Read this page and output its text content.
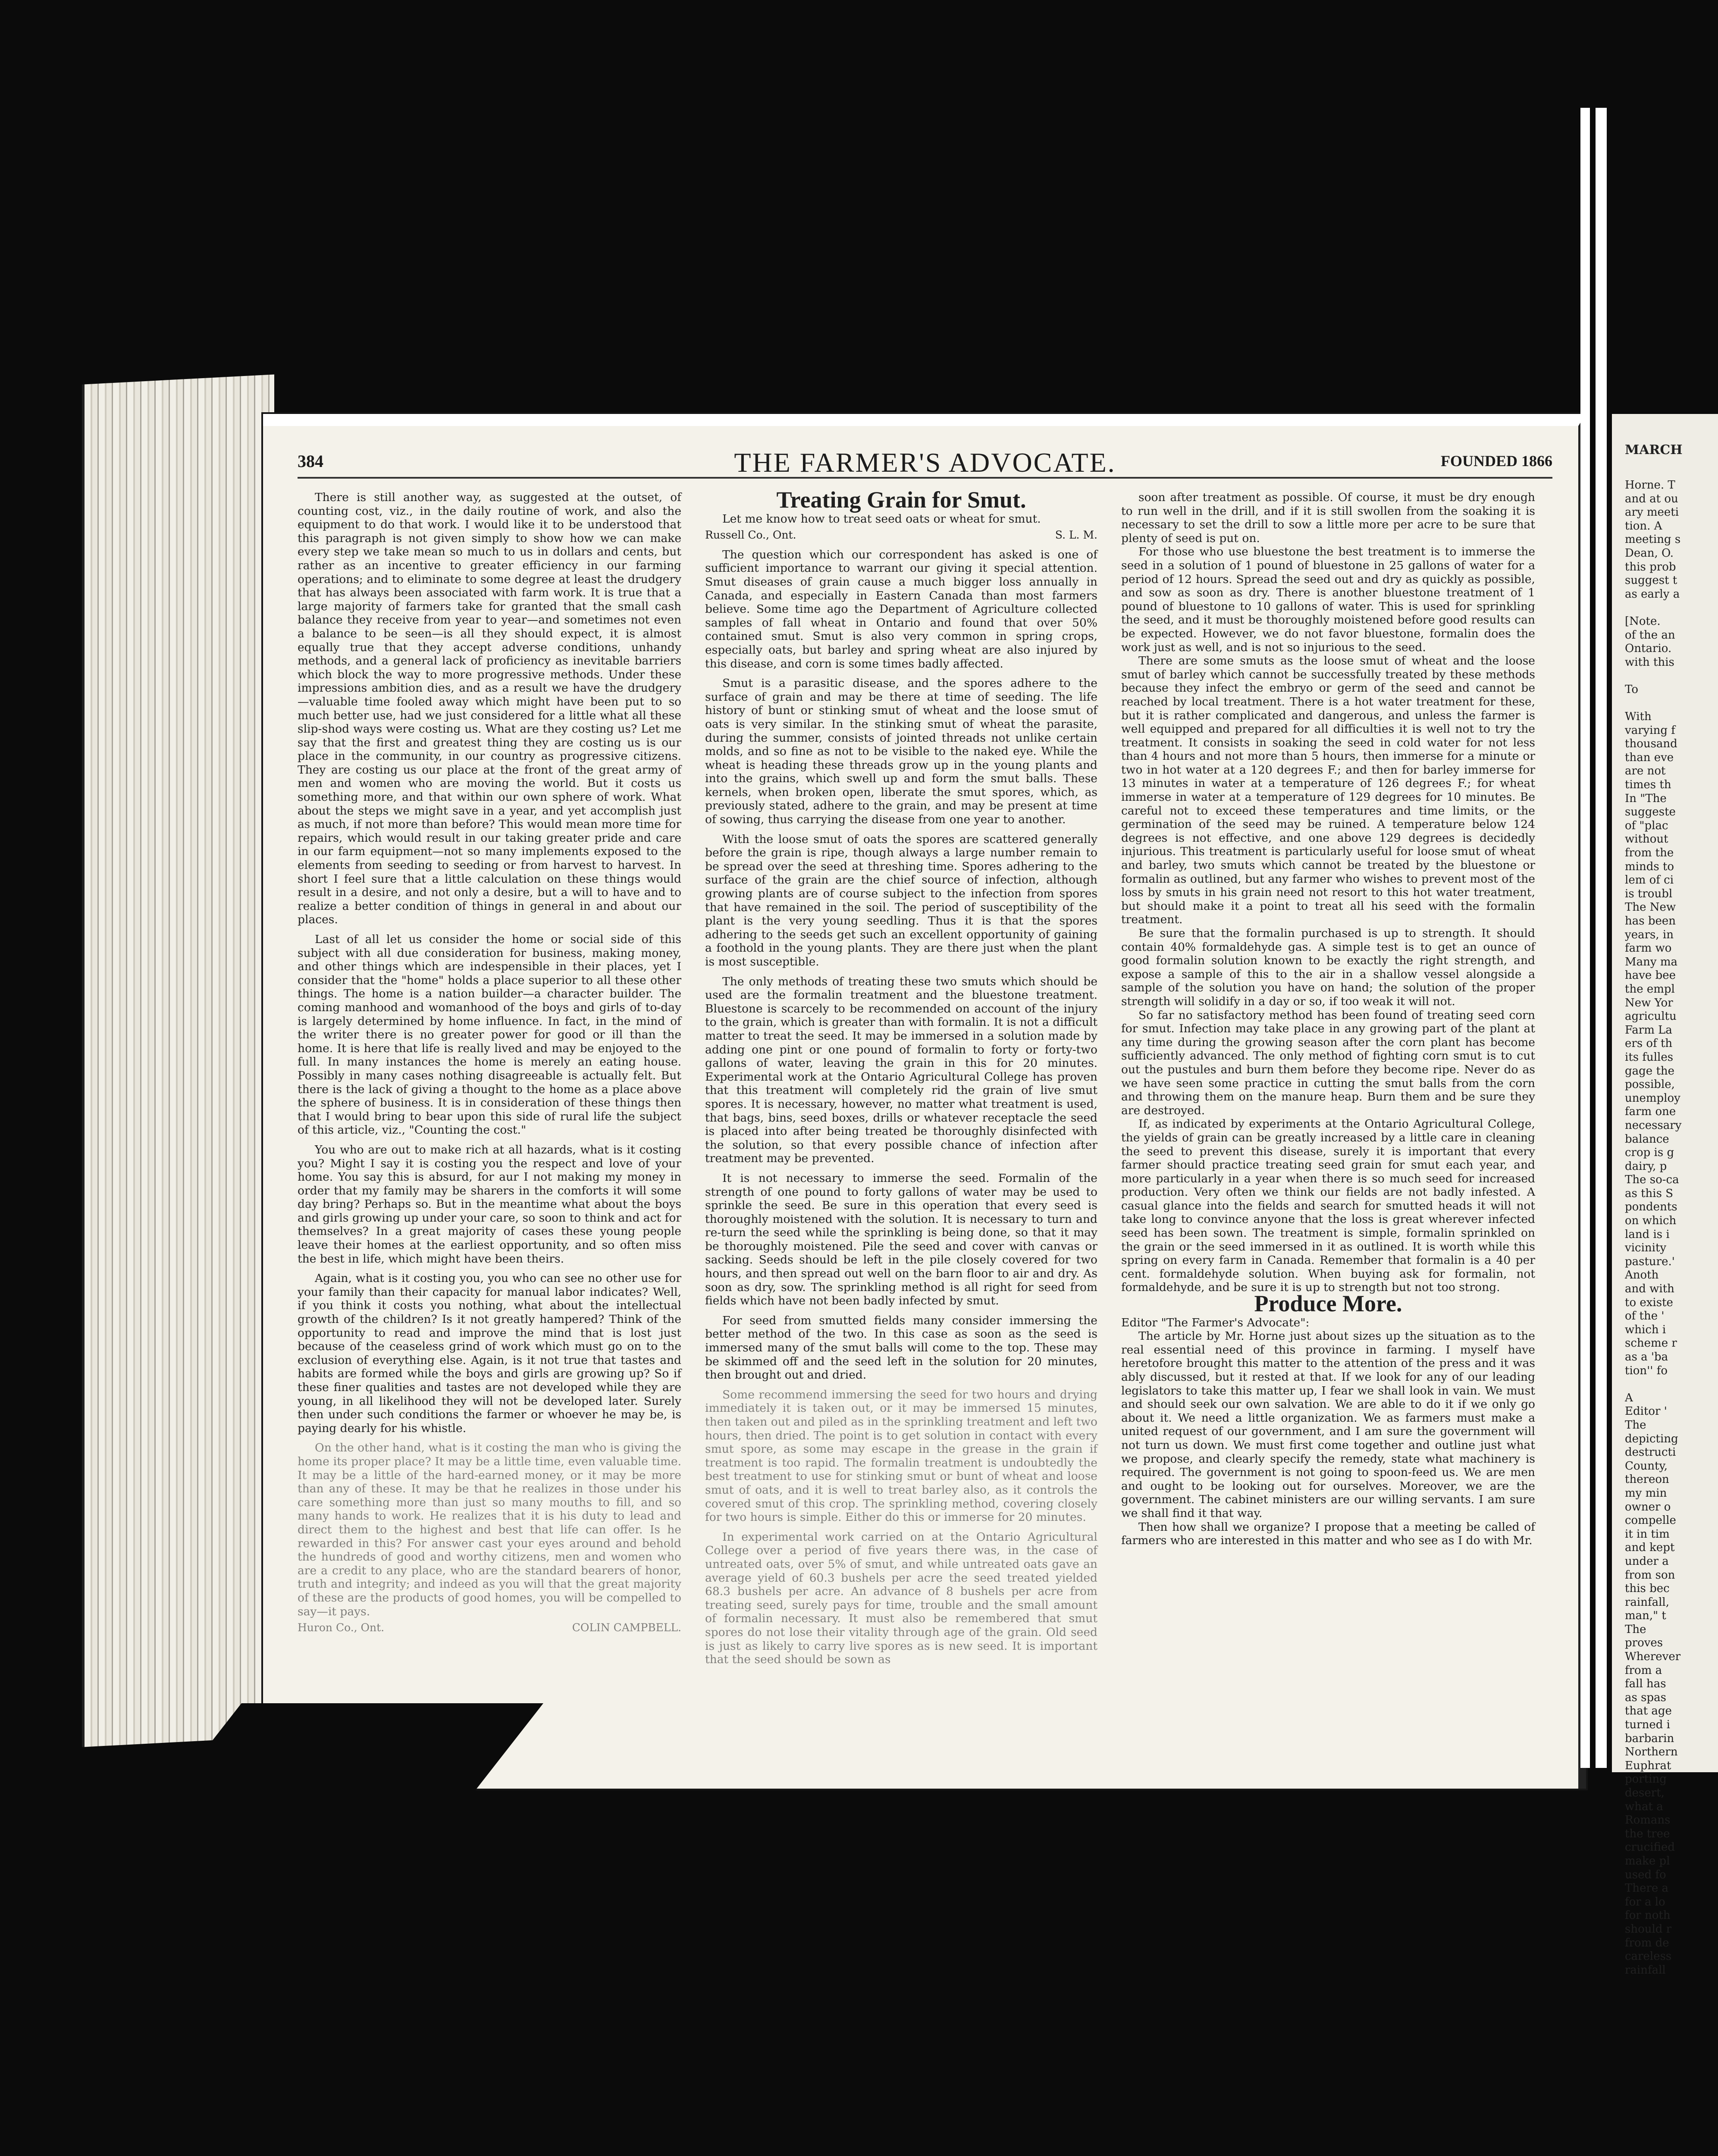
384	THE FARMER'S ADVOCATE.	FOUNDED 1866

There is still another way, as suggested at the outset, of counting cost, viz., in the daily routine of work, and also the equipment to do that work. I would like it to be understood that this paragraph is not given simply to show how we can make every step we take mean so much to us in dollars and cents, but rather as an incentive to greater efficiency in our farming operations; and to eliminate to some degree at least the drudgery that has always been associated with farm work. It is true that a large majority of farmers take for granted that the small cash balance they receive from year to year—and sometimes not even a balance to be seen—is all they should expect, it is almost equally true that they accept adverse conditions, unhandy methods, and a general lack of proficiency as inevitable barriers which block the way to more progressive methods. Under these impressions ambition dies, and as a result we have the drudgery—valuable time fooled away which might have been put to so much better use, had we just considered for a little what all these slip-shod ways were costing us. What are they costing us? Let me say that the first and greatest thing they are costing us is our place in the community, in our country as progressive citizens. They are costing us our place at the front of the great army of men and women who are moving the world. But it costs us something more, and that within our own sphere of work. What about the steps we might save in a year, and yet accomplish just as much, if not more than before? This would mean more time for repairs, which would result in our taking greater pride and care in our farm equipment—not so many implements exposed to the elements from seeding to seeding or from harvest to harvest. In short I feel sure that a little calculation on these things would result in a desire, and not only a desire, but a will to have and to realize a better condition of things in general in and about our places.

Last of all let us consider the home or social side of this subject with all due consideration for business, making money, and other things which are indespensible in their places, yet I consider that the "home" holds a place superior to all these other things. The home is a nation builder—a character builder. The coming manhood and womanhood of the boys and girls of to-day is largely determined by home influence. In fact, in the mind of the writer there is no greater power for good or ill than the home. It is here that life is really lived and may be enjoyed to the full. In many instances the home is merely an eating house. Possibly in many cases nothing disagreeable is actually felt. But there is the lack of giving a thought to the home as a place above the sphere of business. It is in consideration of these things then that I would bring to bear upon this side of rural life the subject of this article, viz., "Counting the cost."

You who are out to make rich at all hazards, what is it costing you? Might I say it is costing you the respect and love of your home. You say this is absurd, for aur I not making my money in order that my family may be sharers in the comforts it will some day bring? Perhaps so. But in the meantime what about the boys and girls growing up under your care, so soon to think and act for themselves? In a great majority of cases these young people leave their homes at the earliest opportunity, and so often miss the best in life, which might have been theirs.

Again, what is it costing you, you who can see no other use for your family than their capacity for manual labor indicates? Well, if you think it costs you nothing, what about the intellectual growth of the children? Is it not greatly hampered? Think of the opportunity to read and improve the mind that is lost just because of the ceaseless grind of work which must go on to the exclusion of everything else. Again, is it not true that tastes and habits are formed while the boys and girls are growing up? So if these finer qualities and tastes are not developed while they are young, in all likelihood they will not be developed later. Surely then under such conditions the farmer or whoever he may be, is paying dearly for his whistle.

On the other hand, what is it costing the man who is giving the home its proper place? It may be a little time, even valuable time. It may be a little of the hard-earned money, or it may be more than any of these. It may be that he realizes in those under his care something more than just so many mouths to fill, and so many hands to work. He realizes that it is his duty to lead and direct them to the highest and best that life can offer. Is he rewarded in this? For answer cast your eyes around and behold the hundreds of good and worthy citizens, men and women who are a credit to any place, who are the standard bearers of honor, truth and integrity; and indeed as you will that the great majority of these are the products of good homes, you will be compelled to say—it pays.

Huron Co., Ont.	COLIN CAMPBELL.
Treating Grain for Smut.

Let me know how to treat seed oats or wheat for smut.

Russell Co., Ont.	S. L. M.

The question which our correspondent has asked is one of sufficient importance to warrant our giving it special attention. Smut diseases of grain cause a much bigger loss annually in Canada, and especially in Eastern Canada than most farmers believe. Some time ago the Department of Agriculture collected samples of fall wheat in Ontario and found that over 50% contained smut. Smut is also very common in spring crops, especially oats, but barley and spring wheat are also injured by this disease, and corn is some times badly affected.

Smut is a parasitic disease, and the spores adhere to the surface of grain and may be there at time of seeding. The life history of bunt or stinking smut of wheat and the loose smut of oats is very similar. In the stinking smut of wheat the parasite, during the summer, consists of jointed threads not unlike certain molds, and so fine as not to be visible to the naked eye. While the wheat is heading these threads grow up in the young plants and into the grains, which swell up and form the smut balls. These kernels, when broken open, liberate the smut spores, which, as previously stated, adhere to the grain, and may be present at time of sowing, thus carrying the disease from one year to another.

With the loose smut of oats the spores are scattered generally before the grain is ripe, though always a large number remain to be spread over the seed at threshing time. Spores adhering to the surface of the grain are the chief source of infection, although growing plants are of course subject to the infection from spores that have remained in the soil. The period of susceptibility of the plant is the very young seedling. Thus it is that the spores adhering to the seeds get such an excellent opportunity of gaining a foothold in the young plants. They are there just when the plant is most susceptible.

The only methods of treating these two smuts which should be used are the formalin treatment and the bluestone treatment. Bluestone is scarcely to be recommended on account of the injury to the grain, which is greater than with formalin. It is not a difficult matter to treat the seed. It may be immersed in a solution made by adding one pint or one pound of formalin to forty or forty-two gallons of water, leaving the grain in this for 20 minutes. Experimental work at the Ontario Agricultural College has proven that this treatment will completely rid the grain of live smut spores. It is necessary, however, no matter what treatment is used, that bags, bins, seed boxes, drills or whatever receptacle the seed is placed into after being treated be thoroughly disinfected with the solution, so that every possible chance of infection after treatment may be prevented.

It is not necessary to immerse the seed. Formalin of the strength of one pound to forty gallons of water may be used to sprinkle the seed. Be sure in this operation that every seed is thoroughly moistened with the solution. It is necessary to turn and re-turn the seed while the sprinkling is being done, so that it may be thoroughly moistened. Pile the seed and cover with canvas or sacking. Seeds should be left in the pile closely covered for two hours, and then spread out well on the barn floor to air and dry. As soon as dry, sow. The sprinkling method is all right for seed from fields which have not been badly infected by smut.

For seed from smutted fields many consider immersing the better method of the two. In this case as soon as the seed is immersed many of the smut balls will come to the top. These may be skimmed off and the seed left in the solution for 20 minutes, then brought out and dried.

Some recommend immersing the seed for two hours and drying immediately it is taken out, or it may be immersed 15 minutes, then taken out and piled as in the sprinkling treatment and left two hours, then dried. The point is to get solution in contact with every smut spore, as some may escape in the grease in the grain if treatment is too rapid. The formalin treatment is undoubtedly the best treatment to use for stinking smut or bunt of wheat and loose smut of oats, and it is well to treat barley also, as it controls the covered smut of this crop. The sprinkling method, covering closely for two hours is simple. Either do this or immerse for 20 minutes.

In experimental work carried on at the Ontario Agricultural College over a period of five years there was, in the case of untreated oats, over 5% of smut, and while untreated oats gave an average yield of 60.3 bushels per acre the seed treated yielded 68.3 bushels per acre. An advance of 8 bushels per acre from treating seed, surely pays for time, trouble and the small amount of formalin necessary. It must also be remembered that smut spores do not lose their vitality through age of the grain. Old seed is just as likely to carry live spores as is new seed. It is important that the seed should be sown as

soon after treatment as possible. Of course, it must be dry enough to run well in the drill, and if it is still swollen from the soaking it is necessary to set the drill to sow a little more per acre to be sure that plenty of seed is put on.

For those who use bluestone the best treatment is to immerse the seed in a solution of 1 pound of bluestone in 25 gallons of water for a period of 12 hours. Spread the seed out and dry as quickly as possible, and sow as soon as dry. There is another bluestone treatment of 1 pound of bluestone to 10 gallons of water. This is used for sprinkling the seed, and it must be thoroughly moistened before good results can be expected. However, we do not favor bluestone, formalin does the work just as well, and is not so injurious to the seed.

There are some smuts as the loose smut of wheat and the loose smut of barley which cannot be successfully treated by these methods because they infect the embryo or germ of the seed and cannot be reached by local treatment. There is a hot water treatment for these, but it is rather complicated and dangerous, and unless the farmer is well equipped and prepared for all difficulties it is well not to try the treatment. It consists in soaking the seed in cold water for not less than 4 hours and not more than 5 hours, then immerse for a minute or two in hot water at a 120 degrees F.; and then for barley immerse for 13 minutes in water at a temperature of 126 degrees F.; for wheat immerse in water at a temperature of 129 degrees for 10 minutes. Be careful not to exceed these temperatures and time limits, or the germination of the seed may be ruined. A temperature below 124 degrees is not effective, and one above 129 degrees is decidedly injurious. This treatment is particularly useful for loose smut of wheat and barley, two smuts which cannot be treated by the bluestone or formalin as outlined, but any farmer who wishes to prevent most of the loss by smuts in his grain need not resort to this hot water treatment, but should make it a point to treat all his seed with the formalin treatment.

Be sure that the formalin purchased is up to strength. It should contain 40% formaldehyde gas. A simple test is to get an ounce of good formalin solution known to be exactly the right strength, and expose a sample of this to the air in a shallow vessel alongside a sample of the solution you have on hand; the solution of the proper strength will solidify in a day or so, if too weak it will not.

So far no satisfactory method has been found of treating seed corn for smut. Infection may take place in any growing part of the plant at any time during the growing season after the corn plant has become sufficiently advanced. The only method of fighting corn smut is to cut out the pustules and burn them before they become ripe. Never do as we have seen some practice in cutting the smut balls from the corn and throwing them on the manure heap. Burn them and be sure they are destroyed.

If, as indicated by experiments at the Ontario Agricultural College, the yields of grain can be greatly increased by a little care in cleaning the seed to prevent this disease, surely it is important that every farmer should practice treating seed grain for smut each year, and more particularly in a year when there is so much seed for increased production. Very often we think our fields are not badly infested. A casual glance into the fields and search for smutted heads it will not take long to convince anyone that the loss is great wherever infected seed has been sown. The treatment is simple, formalin sprinkled on the grain or the seed immersed in it as outlined. It is worth while this spring on every farm in Canada. Remember that formalin is a 40 per cent. formaldehyde solution. When buying ask for formalin, not formaldehyde, and be sure it is up to strength but not too strong.

Produce More.
Editor "The Farmer's Advocate":

The article by Mr. Horne just about sizes up the situation as to the real essential need of this province in farming. I myself have heretofore brought this matter to the attention of the press and it was ably discussed, but it rested at that. If we look for any of our leading legislators to take this matter up, I fear we shall look in vain. We must and should seek our own salvation. We are able to do it if we only go about it. We need a little organization. We as farmers must make a united request of our government, and I am sure the government will not turn us down. We must first come together and outline just what we propose, and clearly specify the remedy, state what machinery is required. The government is not going to spoon-feed us. We are men and ought to be looking out for ourselves. Moreover, we are the government. The cabinet ministers are our willing servants. I am sure we shall find it that way.

Then how shall we organize? I propose that a meeting be called of farmers who are interested in this matter and who see as I do with Mr.

MARCH
Horne. T
and at ou
ary meeti
tion. A
meeting s
Dean, O.
this prob
suggest t
as early a

[Note.
of the an
Ontario.
with this

To

With
varying f
thousand
than eve
are not
times th
In "The
suggeste
of "plac
without
from the
minds to
lem of ci
is troubl
The New
has been
years, in
farm wo
Many ma
have bee
the empl
New Yor
agricultu
Farm La
ers of th
its fulles
gage the
possible,
unemploy
farm one
necessary
balance
crop is g
dairy, p
The so-ca
as this S
pondents
on which
land is i
vicinity
pasture.'
Anoth
and with
to existe
of the '
which i
scheme r
as a 'ba
tion'' fo

A
Editor '
The
depicting
destructi
County,
thereon
my min
owner o
compelle
it in tim
and kept
under a
from son
this bec
rainfall,
man," t
The
proves
Wherever
from a
fall has
as spas
that age
turned i
barbarin
Northern
Euphrat
porting
desert,
what a
Romans
the tree
crucified
make pl
used fo
There a
for a lo
for noth
should r
from de
careless
rainfall
